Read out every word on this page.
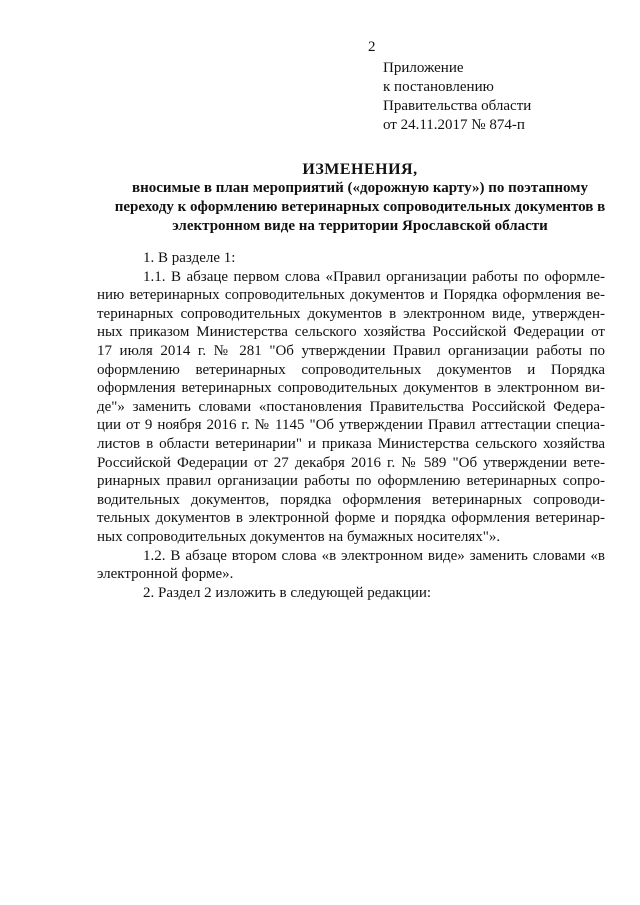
2
Приложение
к постановлению
Правительства области
от 24.11.2017 № 874-п
ИЗМЕНЕНИЯ,
вносимые в план мероприятий («дорожную карту») по поэтапному
переходу к оформлению ветеринарных сопроводительных документов в
электронном виде на территории Ярославской области
1. В разделе 1:
1.1. В абзаце первом слова «Правил организации работы по оформле-
нию ветеринарных сопроводительных документов и Порядка оформления ве-
теринарных сопроводительных документов в электронном виде, утвержден-
ных приказом Министерства сельского хозяйства Российской Федерации от
17 июля 2014 г. № 281 "Об утверждении Правил организации работы по
оформлению ветеринарных сопроводительных документов и Порядка
оформления ветеринарных сопроводительных документов в электронном ви-
де"» заменить словами «постановления Правительства Российской Федера-
ции от 9 ноября 2016 г. № 1145 "Об утверждении Правил аттестации специа-
листов в области ветеринарии" и приказа Министерства сельского хозяйства
Российской Федерации от 27 декабря 2016 г. № 589 "Об утверждении вете-
ринарных правил организации работы по оформлению ветеринарных сопро-
водительных документов, порядка оформления ветеринарных сопроводи-
тельных документов в электронной форме и порядка оформления ветеринар-
ных сопроводительных документов на бумажных носителях"».
1.2. В абзаце втором слова «в электронном виде» заменить словами «в
электронной форме».
2. Раздел 2 изложить в следующей редакции:
